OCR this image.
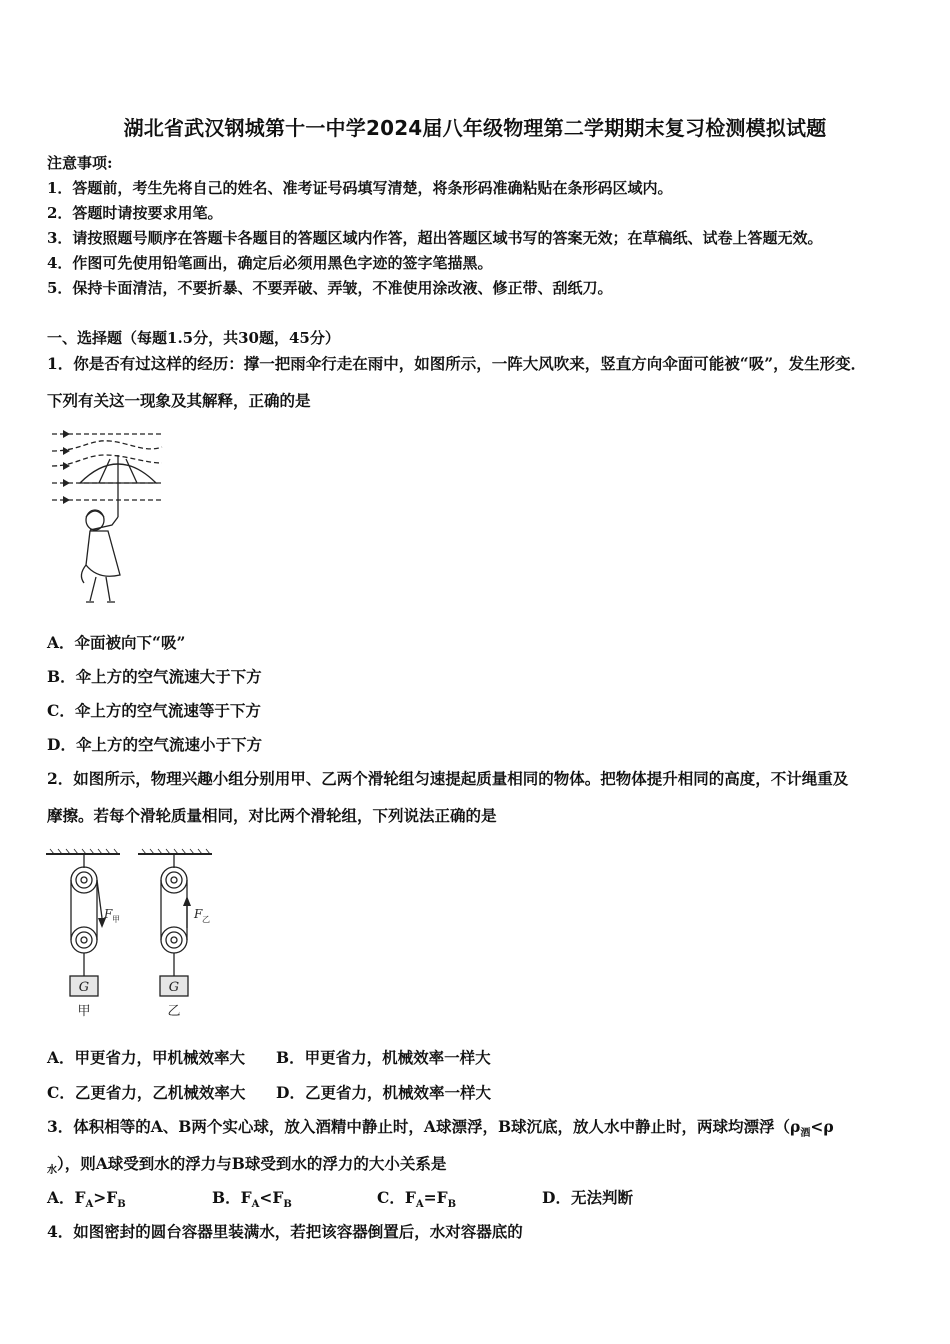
湖北省武汉钢城第十一中学2024届八年级物理第二学期期末复习检测模拟试题
注意事项:
1．答题前，考生先将自己的姓名、准考证号码填写清楚，将条形码准确粘贴在条形码区域内。
2．答题时请按要求用笔。
3．请按照题号顺序在答题卡各题目的答题区域内作答，超出答题区域书写的答案无效；在草稿纸、试卷上答题无效。
4．作图可先使用铅笔画出，确定后必须用黑色字迹的签字笔描黑。
5．保持卡面清洁，不要折暴、不要弄破、弄皱，不准使用涂改液、修正带、刮纸刀。
一、选择题（每题1.5分，共30题，45分）
1．你是否有过这样的经历：撑一把雨伞行走在雨中，如图所示，一阵大风吹来，竖直方向伞面可能被“吸”，发生形变．
下列有关这一现象及其解释，正确的是
A．伞面被向下“吸”
B．伞上方的空气流速大于下方
C．伞上方的空气流速等于下方
D．伞上方的空气流速小于下方
2．如图所示，物理兴趣小组分别用甲、乙两个滑轮组匀速提起质量相同的物体。把物体提升相同的高度，不计绳重及
摩擦。若每个滑轮质量相同，对比两个滑轮组，下列说法正确的是
G	G
甲	乙
F 甲	F 乙
A．甲更省力，甲机械效率大 B．甲更省力，机械效率一样大
C．乙更省力，乙机械效率大 D．乙更省力，机械效率一样大
3．体积相等的A、B两个实心球，放入酒精中静止时，A球漂浮，B球沉底，放人水中静止时，两球均漂浮（$\rho_酒<\rho$
$_水$），则A球受到水的浮力与B球受到水的浮力的大小关系是
A．$F_A>F_B$	B．$F_A<F_B$	C．$F_A=F_B$	D．无法判断
4．如图密封的圆台容器里装满水，若把该容器倒置后，水对容器底的
